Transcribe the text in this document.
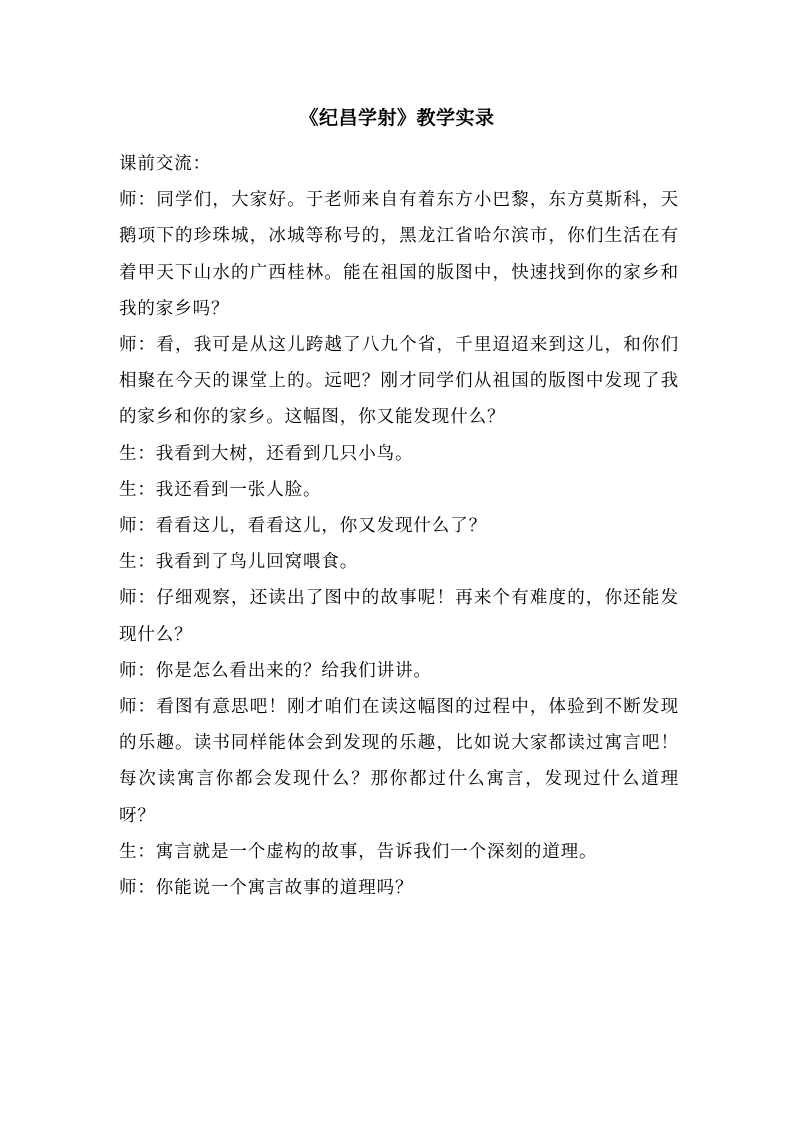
《纪昌学射》教学实录

课前交流：

师：同学们，大家好。于老师来自有着东方小巴黎，东方莫斯科，天鹅项下的珍珠城，冰城等称号的，黑龙江省哈尔滨市，你们生活在有着甲天下山水的广西桂林。能在祖国的版图中，快速找到你的家乡和我的家乡吗？

师：看，我可是从这儿跨越了八九个省，千里迢迢来到这儿，和你们相聚在今天的课堂上的。远吧？刚才同学们从祖国的版图中发现了我的家乡和你的家乡。这幅图，你又能发现什么？

生：我看到大树，还看到几只小鸟。

生：我还看到一张人脸。

师：看看这儿，看看这儿，你又发现什么了？

生：我看到了鸟儿回窝喂食。

师：仔细观察，还读出了图中的故事呢！再来个有难度的，你还能发现什么？

师：你是怎么看出来的？给我们讲讲。

师：看图有意思吧！刚才咱们在读这幅图的过程中，体验到不断发现的乐趣。读书同样能体会到发现的乐趣，比如说大家都读过寓言吧！每次读寓言你都会发现什么？那你都过什么寓言，发现过什么道理呀？

生：寓言就是一个虚构的故事，告诉我们一个深刻的道理。

师：你能说一个寓言故事的道理吗？
